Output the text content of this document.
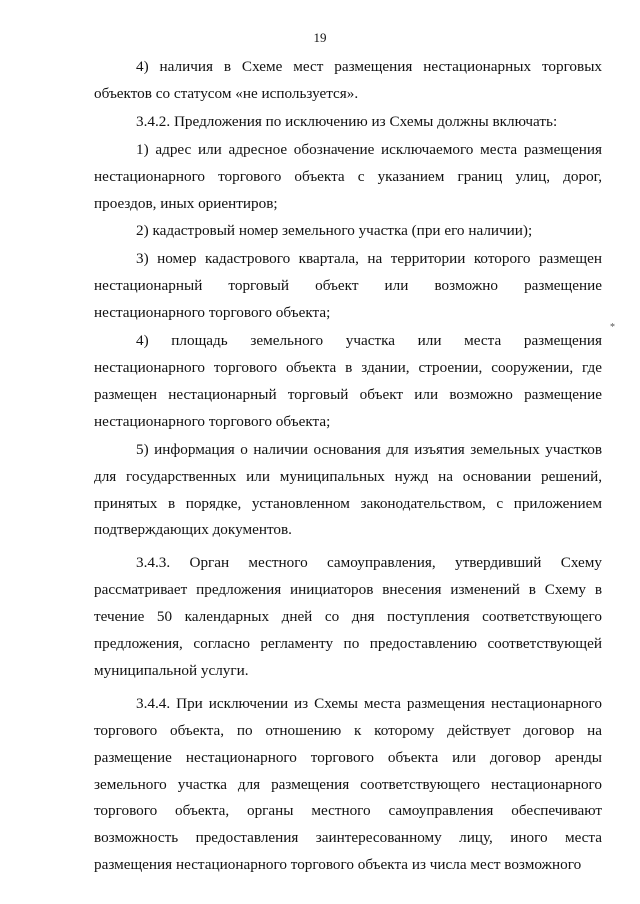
19
*

4) наличия в Схеме мест размещения нестационарных торговых объектов со статусом «не используется».

3.4.2. Предложения по исключению из Схемы должны включать:

1) адрес или адресное обозначение исключаемого места размещения нестационарного торгового объекта с указанием границ улиц, дорог, проездов, иных ориентиров;

2) кадастровый номер земельного участка (при его наличии);

3) номер кадастрового квартала, на территории которого размещен нестационарный торговый объект или возможно размещение нестационарного торгового объекта;

4) площадь земельного участка или места размещения нестационарного торгового объекта в здании, строении, сооружении, где размещен нестационарный торговый объект или возможно размещение нестационарного торгового объекта;

5) информация о наличии основания для изъятия земельных участков для государственных или муниципальных нужд на основании решений, принятых в порядке, установленном законодательством, с приложением подтверждающих документов.

3.4.3. Орган местного самоуправления, утвердивший Схему рассматривает предложения инициаторов внесения изменений в Схему в течение 50 календарных дней со дня поступления соответствующего предложения, согласно регламенту по предоставлению соответствующей муниципальной услуги.

3.4.4. При исключении из Схемы места размещения нестационарного торгового объекта, по отношению к которому действует договор на размещение нестационарного торгового объекта или договор аренды земельного участка для размещения соответствующего нестационарного торгового объекта, органы местного самоуправления обеспечивают возможность предоставления заинтересованному лицу, иного места размещения нестационарного торгового объекта из числа мест возможного
